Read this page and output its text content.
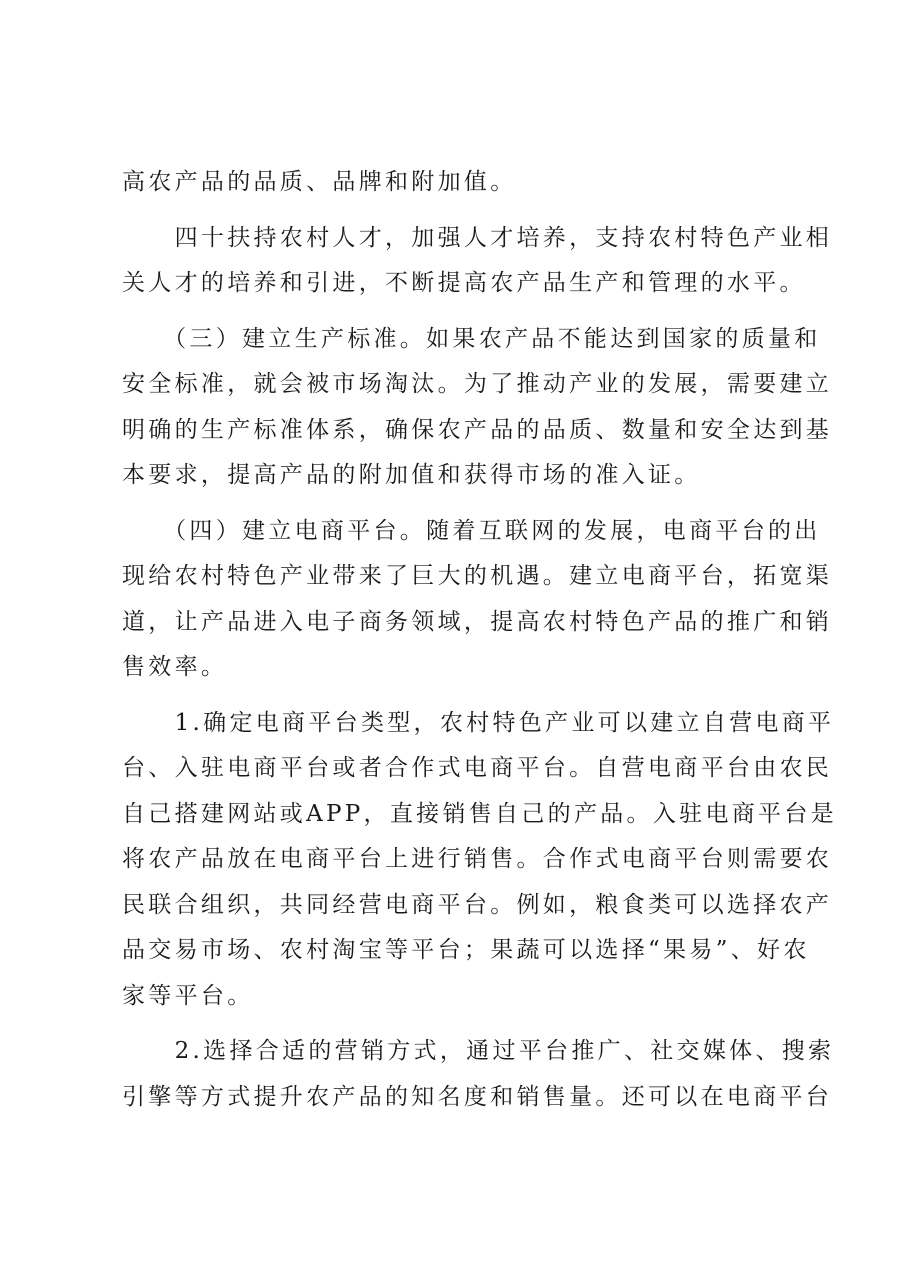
高农产品的品质、品牌和附加值。
　　四十扶持农村人才，加强人才培养，支持农村特色产业相
关人才的培养和引进，不断提高农产品生产和管理的水平。
　　（三）建立生产标准。如果农产品不能达到国家的质量和
安全标准，就会被市场淘汰。为了推动产业的发展，需要建立
明确的生产标准体系，确保农产品的品质、数量和安全达到基
本要求，提高产品的附加值和获得市场的准入证。
　　（四）建立电商平台。随着互联网的发展，电商平台的出
现给农村特色产业带来了巨大的机遇。建立电商平台，拓宽渠
道，让产品进入电子商务领域，提高农村特色产品的推广和销
售效率。
　　1.确定电商平台类型，农村特色产业可以建立自营电商平
台、入驻电商平台或者合作式电商平台。自营电商平台由农民
自己搭建网站或APP，直接销售自己的产品。入驻电商平台是
将农产品放在电商平台上进行销售。合作式电商平台则需要农
民联合组织，共同经营电商平台。例如，粮食类可以选择农产
品交易市场、农村淘宝等平台；果蔬可以选择“果易”、好农
家等平台。
　　2.选择合适的营销方式，通过平台推广、社交媒体、搜索
引擎等方式提升农产品的知名度和销售量。还可以在电商平台
